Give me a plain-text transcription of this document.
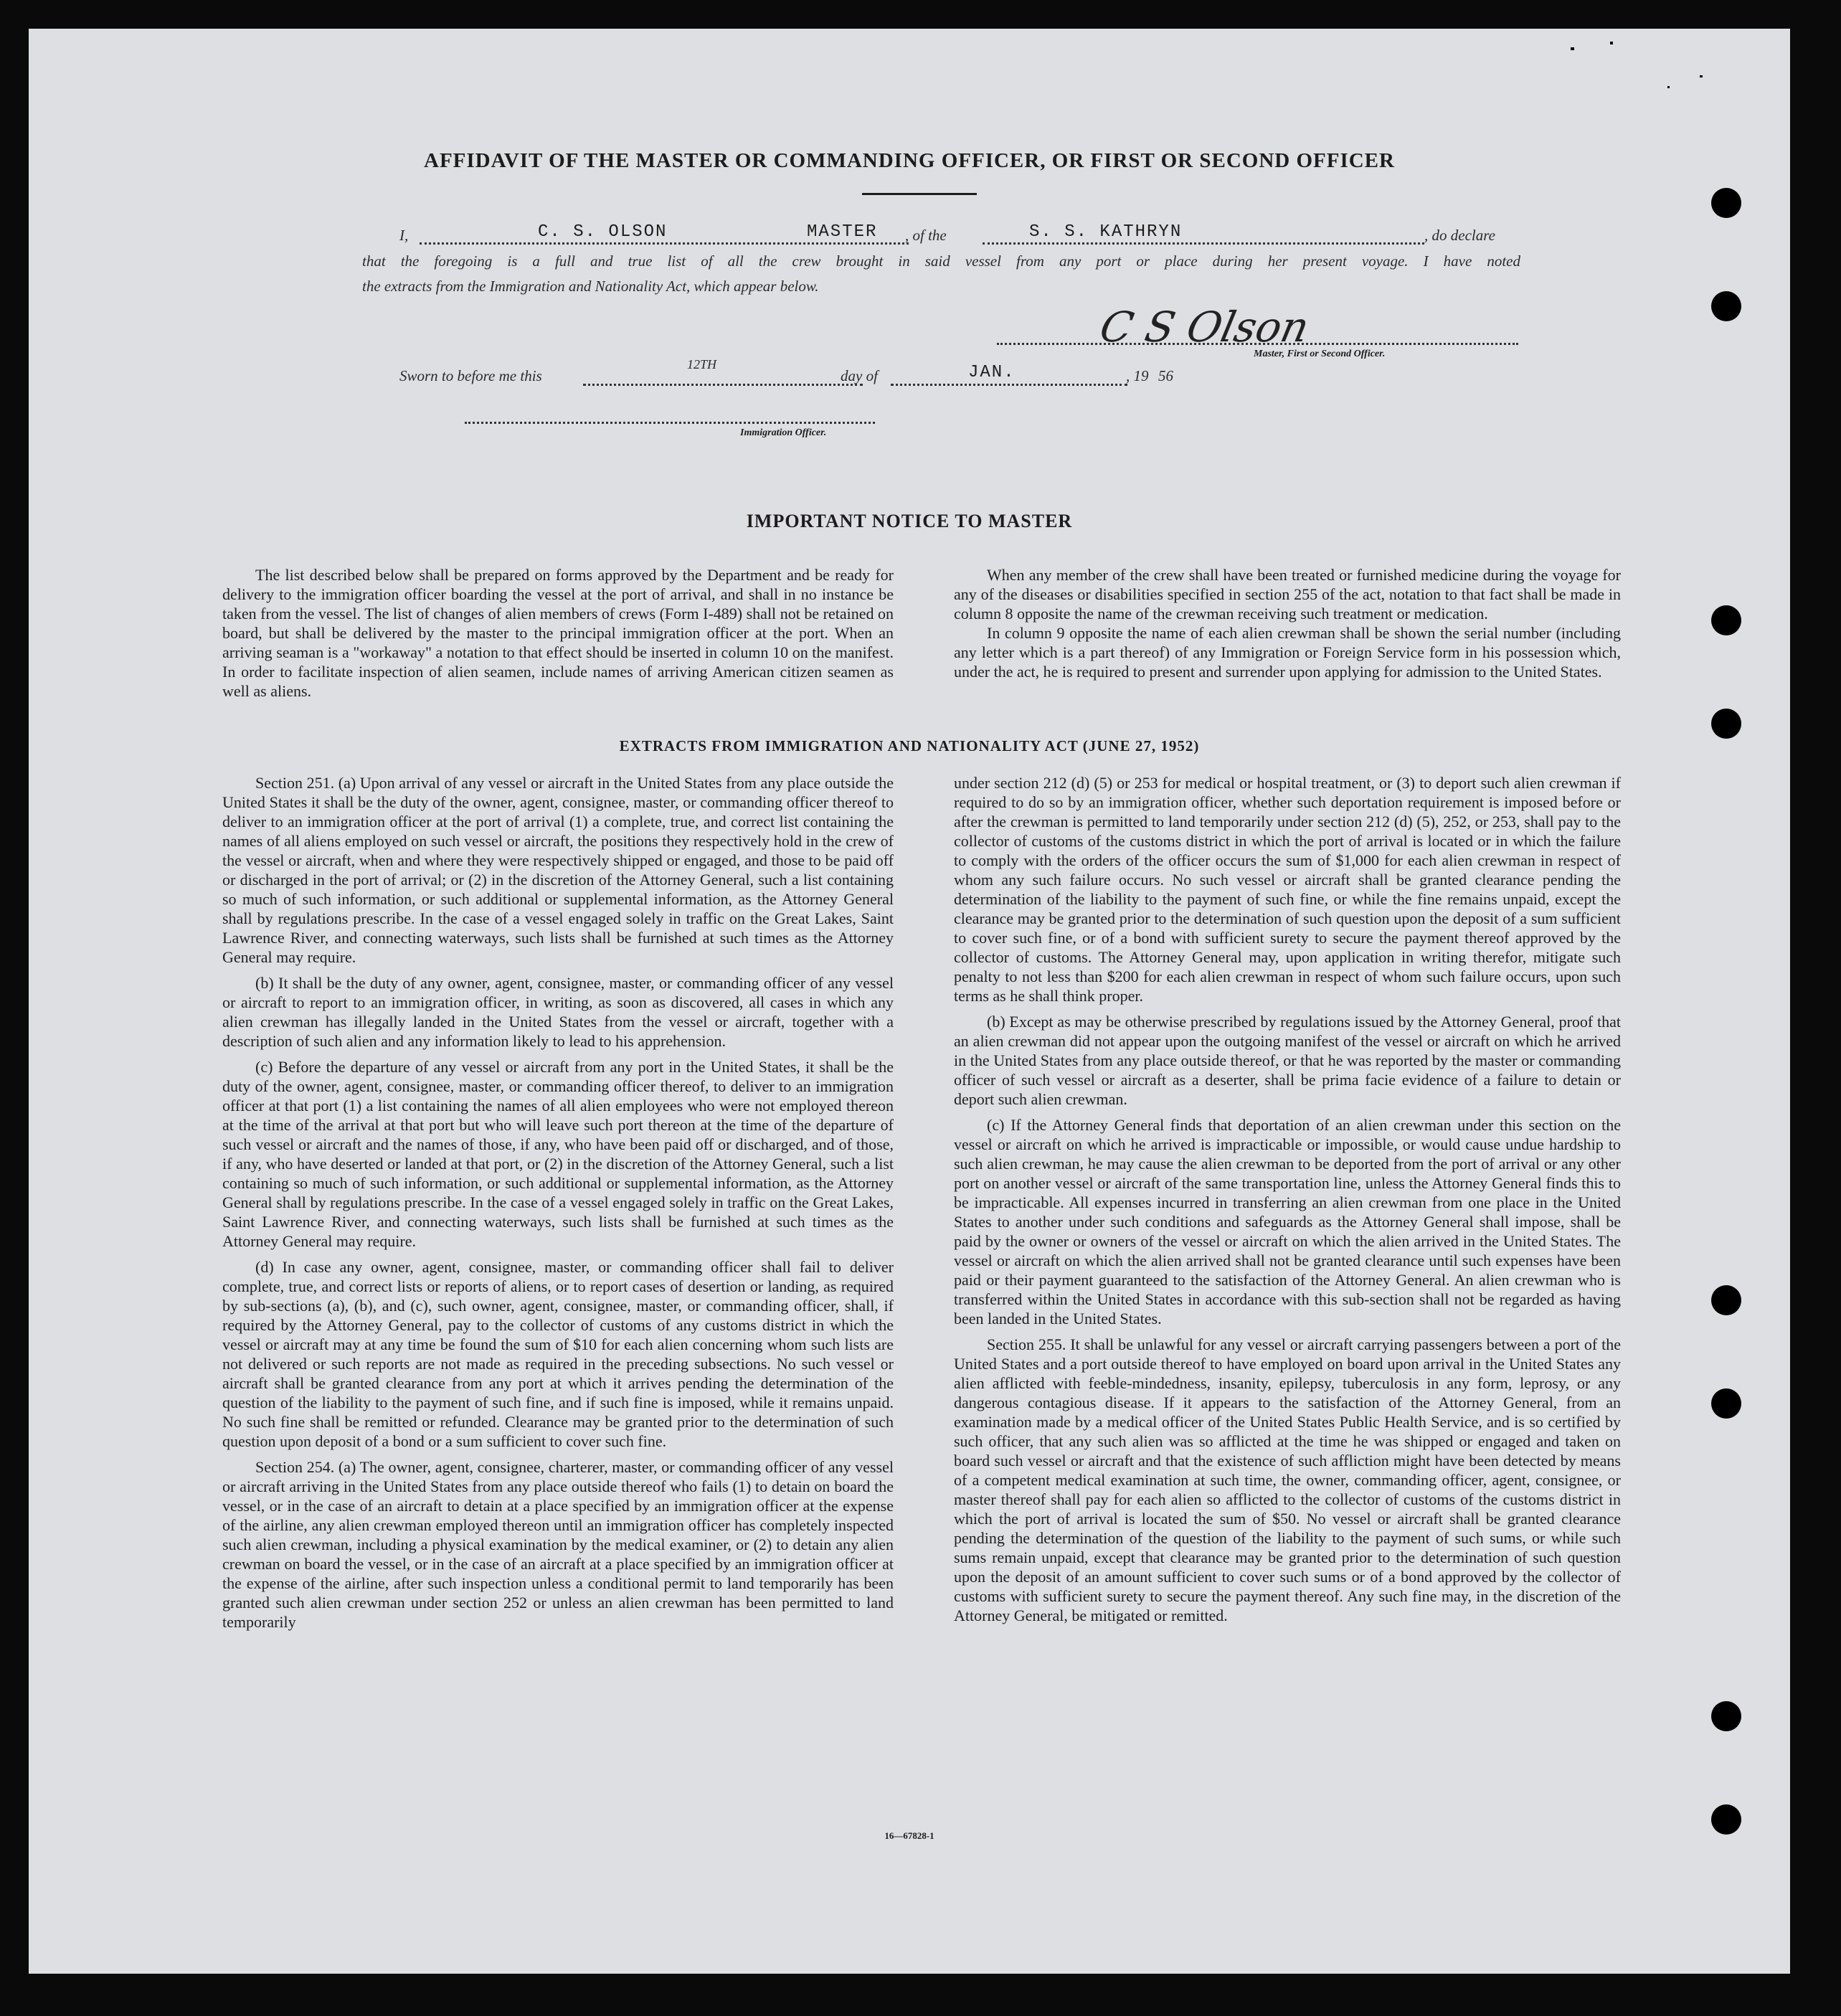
AFFIDAVIT OF THE MASTER OR COMMANDING OFFICER, OR FIRST OR SECOND OFFICER
I,	C. S. OLSON	MASTER , of the	S. S. KATHRYN	, do declare
that the foregoing is a full and true list of all the crew brought in said vessel from any port or place during her present voyage. I have noted
the extracts from the Immigration and Nationality Act, which appear below.
C S Olson
Master, First or Second Officer.
Sworn to before me this
12TH
day of	JAN.	, 19 56
Immigration Officer.
IMPORTANT NOTICE TO MASTER

The list described below shall be prepared on forms approved by the Department and be ready for delivery to the immigration officer boarding the vessel at the port of arrival, and shall in no instance be taken from the vessel. The list of changes of alien members of crews (Form I-489) shall not be retained on board, but shall be delivered by the master to the principal immigration officer at the port. When an arriving seaman is a "workaway" a notation to that effect should be inserted in column 10 on the manifest. In order to facilitate inspection of alien seamen, include names of arriving American citizen seamen as well as aliens.

When any member of the crew shall have been treated or furnished medicine during the voyage for any of the diseases or disabilities specified in section 255 of the act, notation to that fact shall be made in column 8 opposite the name of the crewman receiving such treatment or medication.

In column 9 opposite the name of each alien crewman shall be shown the serial number (including any letter which is a part thereof) of any Immigration or Foreign Service form in his possession which, under the act, he is required to present and surrender upon applying for admission to the United States.

EXTRACTS FROM IMMIGRATION AND NATIONALITY ACT (JUNE 27, 1952)

Section 251. (a) Upon arrival of any vessel or aircraft in the United States from any place outside the United States it shall be the duty of the owner, agent, consignee, master, or commanding officer thereof to deliver to an immigration officer at the port of arrival (1) a complete, true, and correct list containing the names of all aliens employed on such vessel or aircraft, the positions they respectively hold in the crew of the vessel or aircraft, when and where they were respectively shipped or engaged, and those to be paid off or discharged in the port of arrival; or (2) in the discretion of the Attorney General, such a list containing so much of such information, or such additional or supplemental information, as the Attorney General shall by regulations prescribe. In the case of a vessel engaged solely in traffic on the Great Lakes, Saint Lawrence River, and connecting waterways, such lists shall be furnished at such times as the Attorney General may require.

(b) It shall be the duty of any owner, agent, consignee, master, or commanding officer of any vessel or aircraft to report to an immigration officer, in writing, as soon as discovered, all cases in which any alien crewman has illegally landed in the United States from the vessel or aircraft, together with a description of such alien and any information likely to lead to his apprehension.

(c) Before the departure of any vessel or aircraft from any port in the United States, it shall be the duty of the owner, agent, consignee, master, or commanding officer thereof, to deliver to an immigration officer at that port (1) a list containing the names of all alien employees who were not employed thereon at the time of the arrival at that port but who will leave such port thereon at the time of the departure of such vessel or aircraft and the names of those, if any, who have been paid off or discharged, and of those, if any, who have deserted or landed at that port, or (2) in the discretion of the Attorney General, such a list containing so much of such information, or such additional or supplemental information, as the Attorney General shall by regulations prescribe. In the case of a vessel engaged solely in traffic on the Great Lakes, Saint Lawrence River, and connecting waterways, such lists shall be furnished at such times as the Attorney General may require.

(d) In case any owner, agent, consignee, master, or commanding officer shall fail to deliver complete, true, and correct lists or reports of aliens, or to report cases of desertion or landing, as required by sub-sections (a), (b), and (c), such owner, agent, consignee, master, or commanding officer, shall, if required by the Attorney General, pay to the collector of customs of any customs district in which the vessel or aircraft may at any time be found the sum of $10 for each alien concerning whom such lists are not delivered or such reports are not made as required in the preceding subsections. No such vessel or aircraft shall be granted clearance from any port at which it arrives pending the determination of the question of the liability to the payment of such fine, and if such fine is imposed, while it remains unpaid. No such fine shall be remitted or refunded. Clearance may be granted prior to the determination of such question upon deposit of a bond or a sum sufficient to cover such fine.

Section 254. (a) The owner, agent, consignee, charterer, master, or commanding officer of any vessel or aircraft arriving in the United States from any place outside thereof who fails (1) to detain on board the vessel, or in the case of an aircraft to detain at a place specified by an immigration officer at the expense of the airline, any alien crewman employed thereon until an immigration officer has completely inspected such alien crewman, including a physical examination by the medical examiner, or (2) to detain any alien crewman on board the vessel, or in the case of an aircraft at a place specified by an immigration officer at the expense of the airline, after such inspection unless a conditional permit to land temporarily has been granted such alien crewman under section 252 or unless an alien crewman has been permitted to land temporarily

under section 212 (d) (5) or 253 for medical or hospital treatment, or (3) to deport such alien crewman if required to do so by an immigration officer, whether such deportation requirement is imposed before or after the crewman is permitted to land temporarily under section 212 (d) (5), 252, or 253, shall pay to the collector of customs of the customs district in which the port of arrival is located or in which the failure to comply with the orders of the officer occurs the sum of $1,000 for each alien crewman in respect of whom any such failure occurs. No such vessel or aircraft shall be granted clearance pending the determination of the liability to the payment of such fine, or while the fine remains unpaid, except the clearance may be granted prior to the determination of such question upon the deposit of a sum sufficient to cover such fine, or of a bond with sufficient surety to secure the payment thereof approved by the collector of customs. The Attorney General may, upon application in writing therefor, mitigate such penalty to not less than $200 for each alien crewman in respect of whom such failure occurs, upon such terms as he shall think proper.

(b) Except as may be otherwise prescribed by regulations issued by the Attorney General, proof that an alien crewman did not appear upon the outgoing manifest of the vessel or aircraft on which he arrived in the United States from any place outside thereof, or that he was reported by the master or commanding officer of such vessel or aircraft as a deserter, shall be prima facie evidence of a failure to detain or deport such alien crewman.

(c) If the Attorney General finds that deportation of an alien crewman under this section on the vessel or aircraft on which he arrived is impracticable or impossible, or would cause undue hardship to such alien crewman, he may cause the alien crewman to be deported from the port of arrival or any other port on another vessel or aircraft of the same transportation line, unless the Attorney General finds this to be impracticable. All expenses incurred in transferring an alien crewman from one place in the United States to another under such conditions and safeguards as the Attorney General shall impose, shall be paid by the owner or owners of the vessel or aircraft on which the alien arrived in the United States. The vessel or aircraft on which the alien arrived shall not be granted clearance until such expenses have been paid or their payment guaranteed to the satisfaction of the Attorney General. An alien crewman who is transferred within the United States in accordance with this sub-section shall not be regarded as having been landed in the United States.

Section 255. It shall be unlawful for any vessel or aircraft carrying passengers between a port of the United States and a port outside thereof to have employed on board upon arrival in the United States any alien afflicted with feeble-mindedness, insanity, epilepsy, tuberculosis in any form, leprosy, or any dangerous contagious disease. If it appears to the satisfaction of the Attorney General, from an examination made by a medical officer of the United States Public Health Service, and is so certified by such officer, that any such alien was so afflicted at the time he was shipped or engaged and taken on board such vessel or aircraft and that the existence of such affliction might have been detected by means of a competent medical examination at such time, the owner, commanding officer, agent, consignee, or master thereof shall pay for each alien so afflicted to the collector of customs of the customs district in which the port of arrival is located the sum of $50. No vessel or aircraft shall be granted clearance pending the determination of the question of the liability to the payment of such sums, or while such sums remain unpaid, except that clearance may be granted prior to the determination of such question upon the deposit of an amount sufficient to cover such sums or of a bond approved by the collector of customs with sufficient surety to secure the payment thereof. Any such fine may, in the discretion of the Attorney General, be mitigated or remitted.

16—67828-1
